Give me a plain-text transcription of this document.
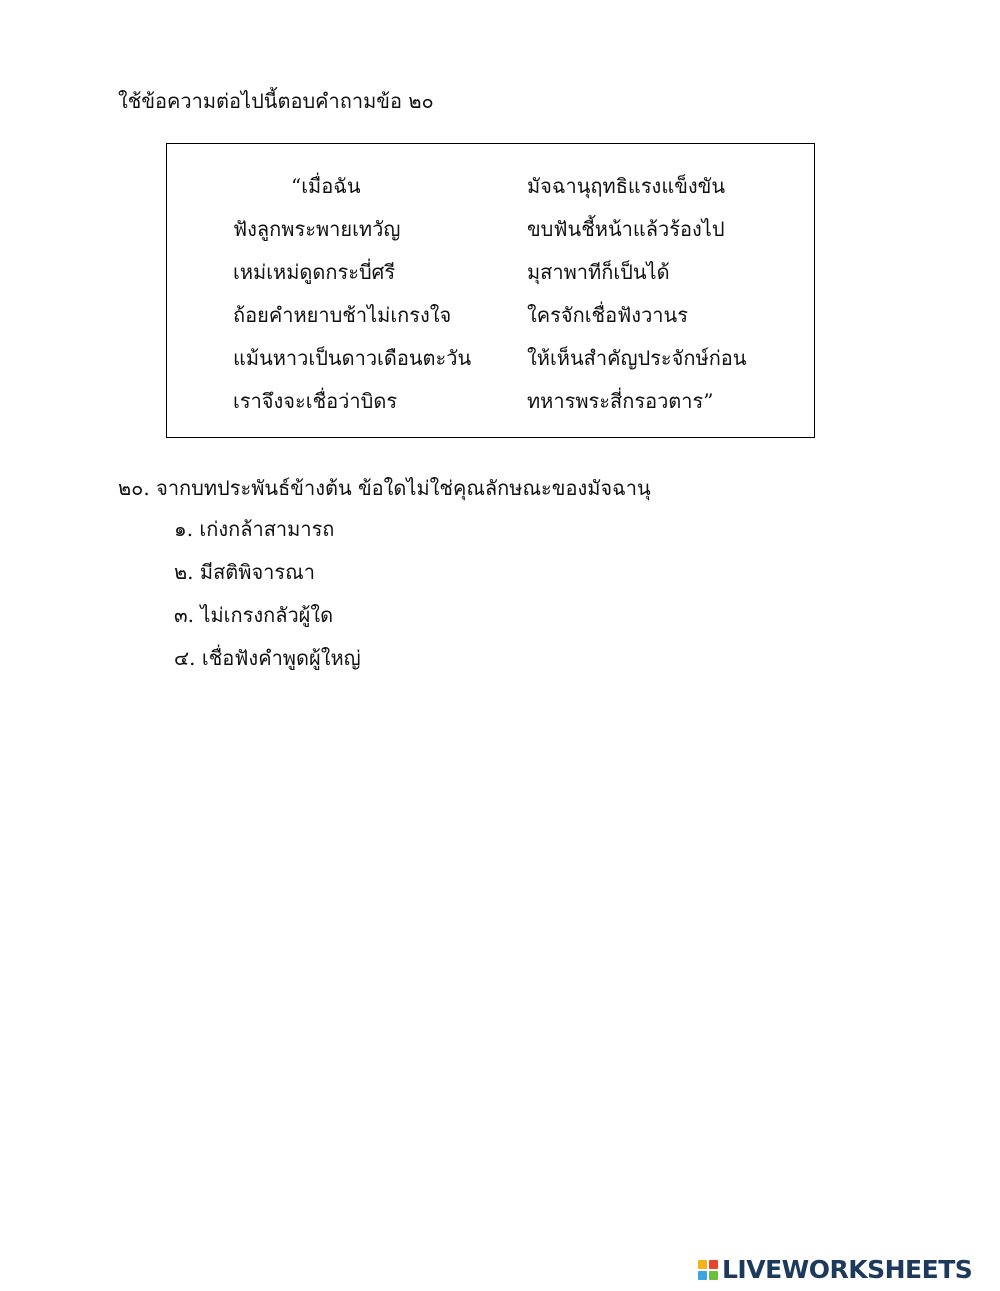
ใช้ข้อความต่อไปนี้ตอบคำถามข้อ ๒๐
“เมื่อฉัน	มัจฉานุฤทธิแรงแข็งขัน
ฟังลูกพระพายเทวัญ	ขบฟันชี้หน้าแล้วร้องไป
เหม่เหม่ดูดกระบี่ศรี	มุสาพาทีก็เป็นได้
ถ้อยคำหยาบช้าไม่เกรงใจ	ใครจักเชื่อฟังวานร
แม้นหาวเป็นดาวเดือนตะวัน	ให้เห็นสำคัญประจักษ์ก่อน
เราจึงจะเชื่อว่าบิดร	ทหารพระสี่กรอวตาร”
๒๐. จากบทประพันธ์ข้างต้น ข้อใดไม่ใช่คุณลักษณะของมัจฉานุ
๑. เก่งกล้าสามารถ
๒. มีสติพิจารณา
๓. ไม่เกรงกลัวผู้ใด
๔. เชื่อฟังคำพูดผู้ใหญ่
LIVEWORKSHEETS
